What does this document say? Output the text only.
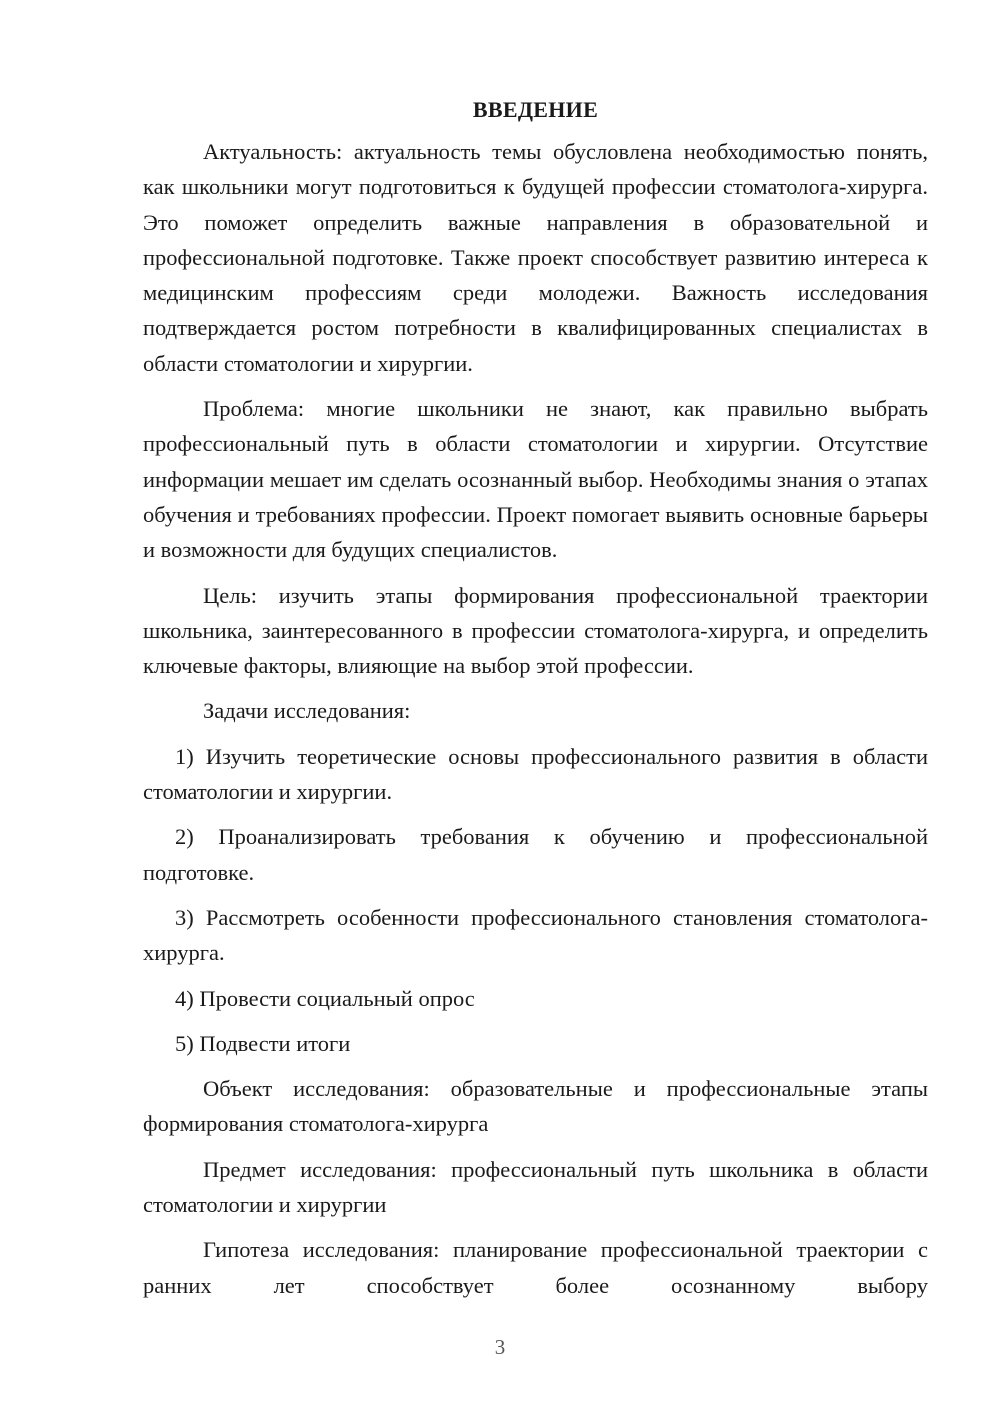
ВВЕДЕНИЕ

Актуальность: актуальность темы обусловлена необходимостью понять, как школьники могут подготовиться к будущей профессии стоматолога-хирурга. Это поможет определить важные направления в образовательной и профессиональной подготовке. Также проект способствует развитию интереса к медицинским профессиям среди молодежи. Важность исследования подтверждается ростом потребности в квалифицированных специалистах в области стоматологии и хирургии.

Проблема: многие школьники не знают, как правильно выбрать профессиональный путь в области стоматологии и хирургии. Отсутствие информации мешает им сделать осознанный выбор. Необходимы знания о этапах обучения и требованиях профессии. Проект помогает выявить основные барьеры и возможности для будущих специалистов.

Цель: изучить этапы формирования профессиональной траектории школьника, заинтересованного в профессии стоматолога-хирурга, и определить ключевые факторы, влияющие на выбор этой профессии.

Задачи исследования:

1) Изучить теоретические основы профессионального развития в области стоматологии и хирургии.

2) Проанализировать требования к обучению и профессиональной подготовке.

3) Рассмотреть особенности профессионального становления стоматолога-хирурга.

4) Провести социальный опрос

5) Подвести итоги

Объект исследования: образовательные и профессиональные этапы формирования стоматолога-хирурга

Предмет исследования: профессиональный путь школьника в области стоматологии и хирургии

Гипотеза исследования: планирование профессиональной траектории с ранних лет способствует более осознанному выбору

3
